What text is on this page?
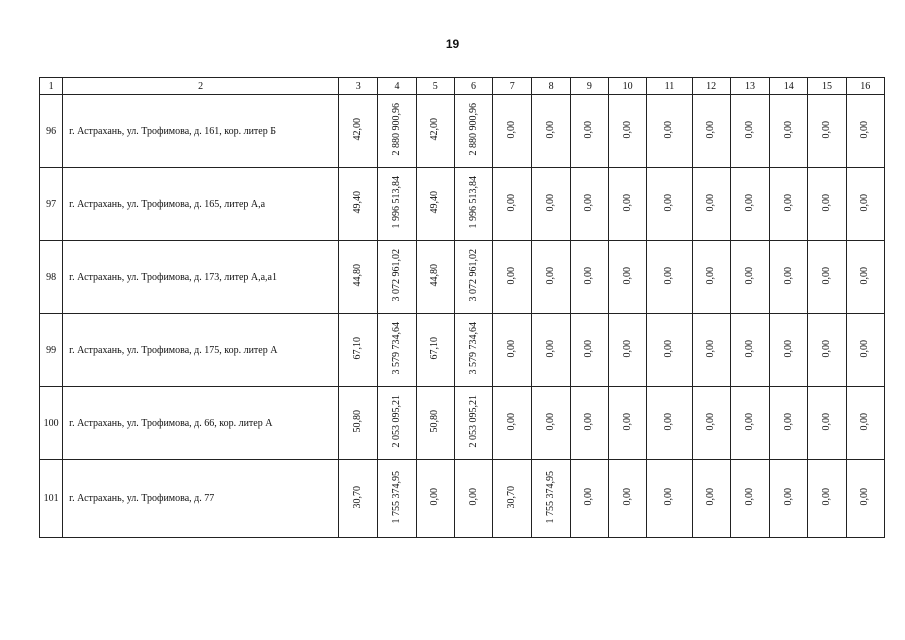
19
1	2	3	4	5	6	7	8	9	10	11	12	13	14	15	16
96	г. Астрахань, ул. Трофимова, д. 161, кор. литер Б	42,00	2 880 900,96	42,00	2 880 900,96	0,00	0,00	0,00	0,00	0,00	0,00	0,00	0,00	0,00	0,00
97	г. Астрахань, ул. Трофимова, д. 165, литер А,а	49,40	1 996 513,84	49,40	1 996 513,84	0,00	0,00	0,00	0,00	0,00	0,00	0,00	0,00	0,00	0,00
98	г. Астрахань, ул. Трофимова, д. 173, литер А,а,а1	44,80	3 072 961,02	44,80	3 072 961,02	0,00	0,00	0,00	0,00	0,00	0,00	0,00	0,00	0,00	0,00
99	г. Астрахань, ул. Трофимова, д. 175, кор. литер А	67,10	3 579 734,64	67,10	3 579 734,64	0,00	0,00	0,00	0,00	0,00	0,00	0,00	0,00	0,00	0,00
100	г. Астрахань, ул. Трофимова, д. 66, кор. литер А	50,80	2 053 095,21	50,80	2 053 095,21	0,00	0,00	0,00	0,00	0,00	0,00	0,00	0,00	0,00	0,00
101	г. Астрахань, ул. Трофимова, д. 77	30,70	1 755 374,95	0,00	0,00	30,70	1 755 374,95	0,00	0,00	0,00	0,00	0,00	0,00	0,00	0,00
